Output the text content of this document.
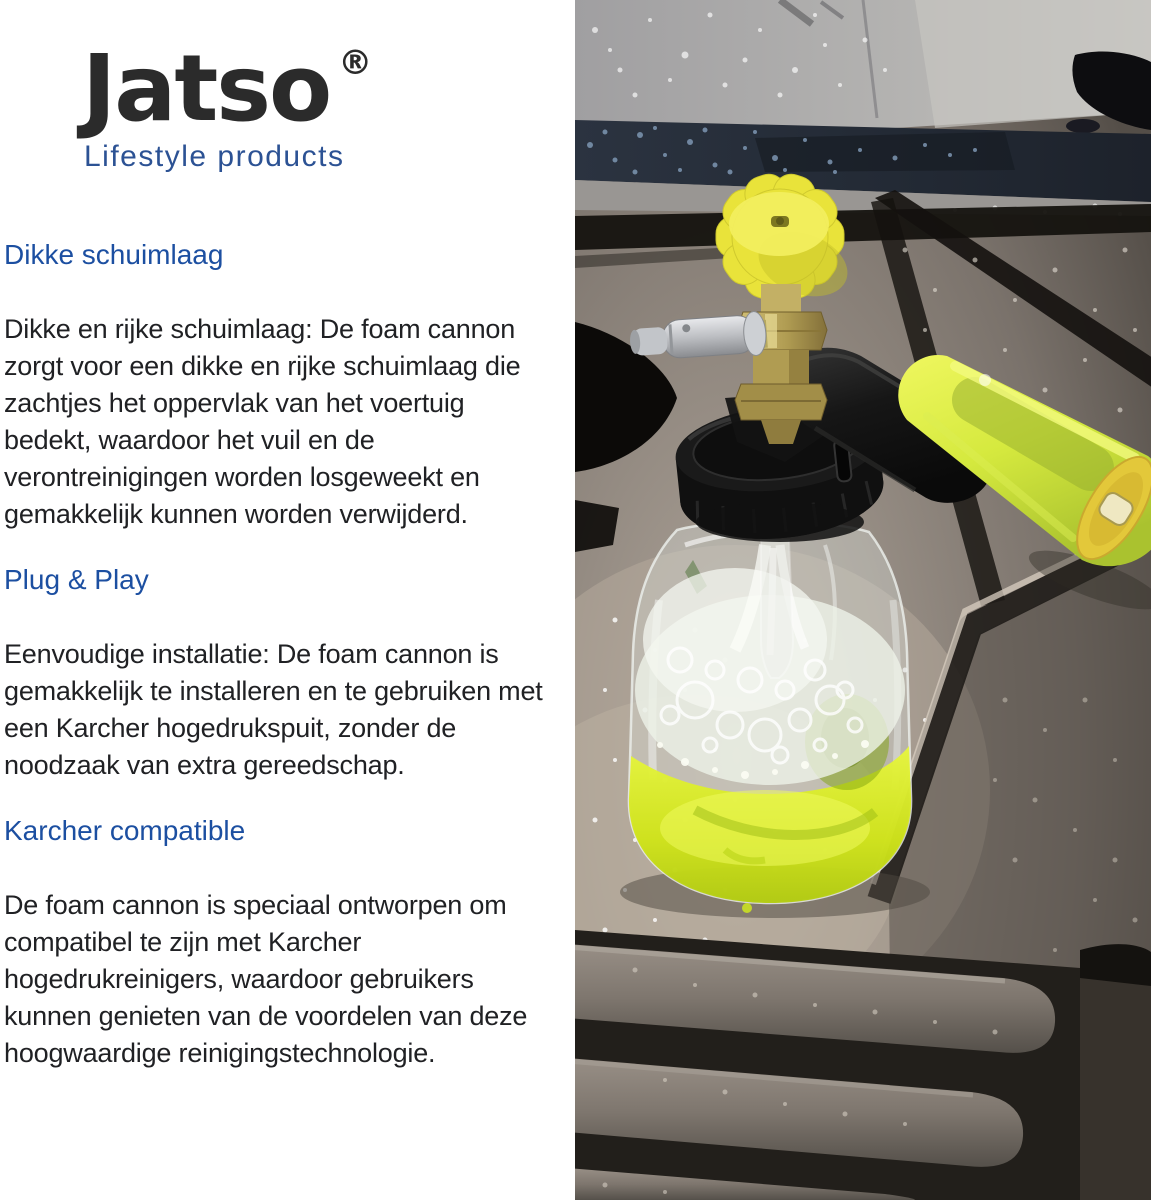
Jatso ®
Lifestyle products
Dikke schuimlaag

Dikke en rijke schuimlaag: De foam cannon zorgt voor een dikke en rijke schuimlaag die zachtjes het oppervlak van het voertuig bedekt, waardoor het vuil en de verontreinigingen worden losgeweekt en gemakkelijk kunnen worden verwijderd.

Plug & Play

Eenvoudige installatie: De foam cannon is gemakkelijk te installeren en te gebruiken met een Karcher hogedrukspuit, zonder de noodzaak van extra gereedschap.

Karcher compatible

De foam cannon is speciaal ontworpen om compatibel te zijn met Karcher hogedrukreinigers, waardoor gebruikers kunnen genieten van de voordelen van deze hoogwaardige reinigingstechnologie.
